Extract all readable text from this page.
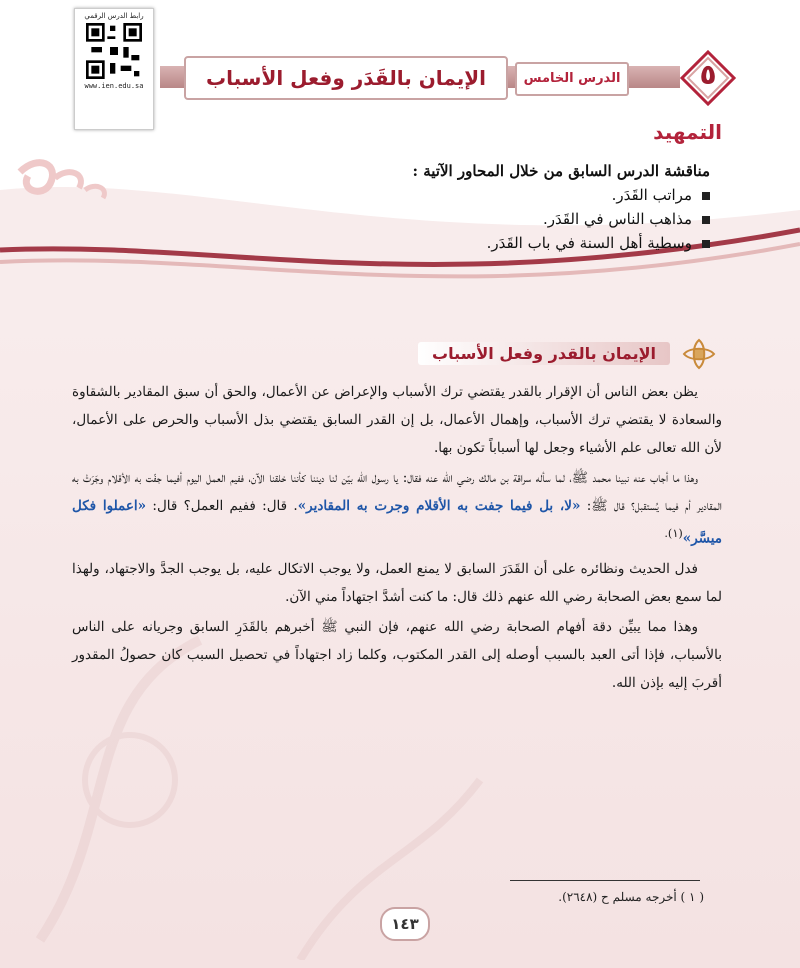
رابط الدرس الرقمي
www.ien.edu.sa	٥
الدرس الخامس
الإيمان بالقَدَر وفعل الأسباب
التمهيد
مناقشة الدرس السابق من خلال المحاور الآتية :
مراتب القَدَر.
مذاهب الناس في القَدَر.
وسطية أهل السنة في باب القَدَر.
الإيمان بالقدر وفعل الأسباب

يظن بعض الناس أن الإقرار بالقدر يقتضي ترك الأسباب والإعراض عن الأعمال، والحق أن سبق المقادير بالشقاوة والسعادة لا يقتضي ترك الأسباب، وإهمال الأعمال، بل إن القدر السابق يقتضي بذل الأسباب والحرص على الأعمال، لأن الله تعالى علم الأشياء وجعل لها أسباباً تكون بها.

وهذا ما أجاب عنه نبينا محمد ﷺ، لما سأله سراقة بن مالك رضي الله عنه فقال: يا رسول الله بيّن لنا ديننا كأننا خلقنا الآن، ففيم العمل اليوم أفيما جفّت به الأقلام وجَرَتْ به المقادير أم فيما يُستقبل؟ قال ﷺ: «لا، بل فيما جفت به الأقلام وجرت به المقادير». قال: ففيم العمل؟ قال: «اعملوا فكل ميسَّر»$^{(١).}$

فدل الحديث ونظائره على أن القَدَرَ السابق لا يمنع العمل، ولا يوجب الاتكال عليه، بل يوجب الجدَّ والاجتهاد، ولهذا لما سمع بعض الصحابة رضي الله عنهم ذلك قال: ما كنت أشدَّ اجتهاداً مني الآن.

وهذا مما يبيِّن دقة أفهام الصحابة رضي الله عنهم، فإن النبي ﷺ أخبرهم بالقَدَرِ السابق وجريانه على الناس بالأسباب، فإذا أتى العبد بالسبب أوصله إلى القدر المكتوب، وكلما زاد اجتهاداً في تحصيل السبب كان حصولُ المقدور أقربَ إليه بإذن الله.

( ١ ) أخرجه مسلم ح (٢٦٤٨).
١٤٣
